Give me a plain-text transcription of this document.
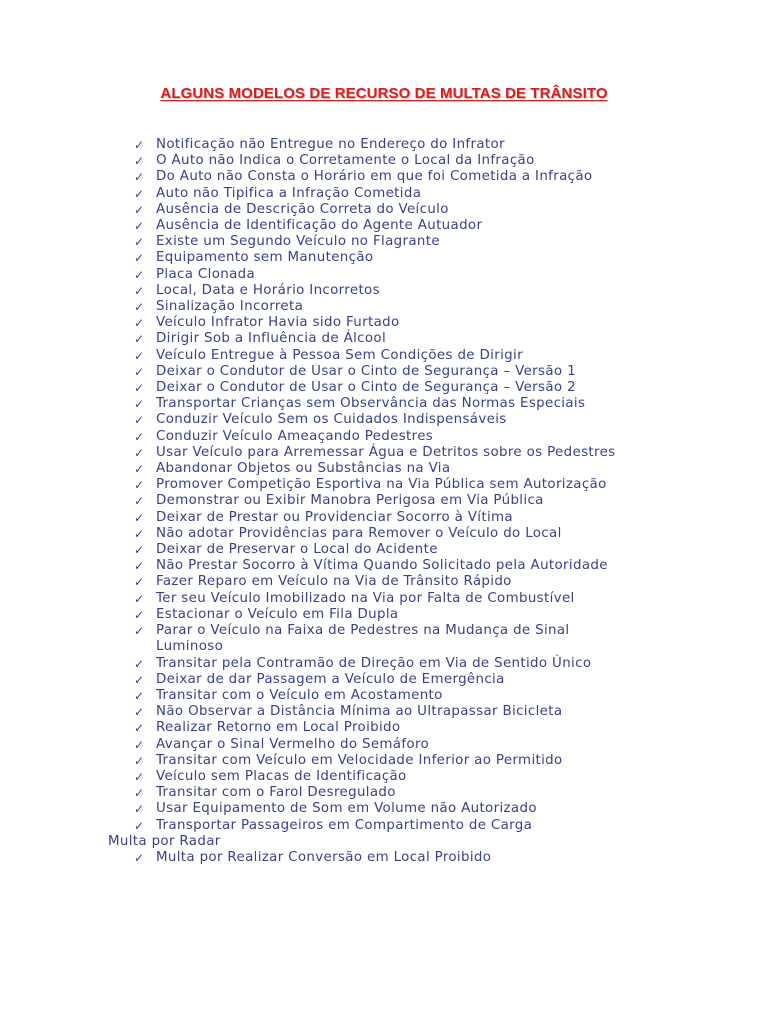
ALGUNS MODELOS DE RECURSO DE MULTAS DE TRÂNSITO
✓ Notificação não Entregue no Endereço do Infrator
✓ O Auto não Indica o Corretamente o Local da Infração
✓ Do Auto não Consta o Horário em que foi Cometida a Infração
✓ Auto não Tipifica a Infração Cometida
✓ Ausência de Descrição Correta do Veículo
✓ Ausência de Identificação do Agente Autuador
✓ Existe um Segundo Veículo no Flagrante
✓ Equipamento sem Manutenção
✓ Placa Clonada
✓ Local, Data e Horário Incorretos
✓ Sinalização Incorreta
✓ Veículo Infrator Havia sido Furtado
✓ Dirigir Sob a Influência de Álcool
✓ Veículo Entregue à Pessoa Sem Condições de Dirigir
✓ Deixar o Condutor de Usar o Cinto de Segurança – Versão 1
✓ Deixar o Condutor de Usar o Cinto de Segurança – Versão 2
✓ Transportar Crianças sem Observância das Normas Especiais
✓ Conduzir Veículo Sem os Cuidados Indispensáveis
✓ Conduzir Veículo Ameaçando Pedestres
✓ Usar Veículo para Arremessar Água e Detritos sobre os Pedestres
✓ Abandonar Objetos ou Substâncias na Via
✓ Promover Competição Esportiva na Via Pública sem Autorização
✓ Demonstrar ou Exibir Manobra Perigosa em Via Pública
✓ Deixar de Prestar ou Providenciar Socorro à Vítima
✓ Não adotar Providências para Remover o Veículo do Local
✓ Deixar de Preservar o Local do Acidente
✓ Não Prestar Socorro à Vítima Quando Solicitado pela Autoridade
✓ Fazer Reparo em Veículo na Via de Trânsito Rápido
✓ Ter seu Veículo Imobilizado na Via por Falta de Combustível
✓ Estacionar o Veículo em Fila Dupla
✓ Parar o Veículo na Faixa de Pedestres na Mudança de Sinal Luminoso
✓ Transitar pela Contramão de Direção em Via de Sentido Único
✓ Deixar de dar Passagem a Veículo de Emergência
✓ Transitar com o Veículo em Acostamento
✓ Não Observar a Distância Mínima ao Ultrapassar Bicicleta
✓ Realizar Retorno em Local Proibido
✓ Avançar o Sinal Vermelho do Semáforo
✓ Transitar com Veículo em Velocidade Inferior ao Permitido
✓ Veículo sem Placas de Identificação
✓ Transitar com o Farol Desregulado
✓ Usar Equipamento de Som em Volume não Autorizado
✓ Transportar Passageiros em Compartimento de Carga
Multa por Radar
✓ Multa por Realizar Conversão em Local Proibido
